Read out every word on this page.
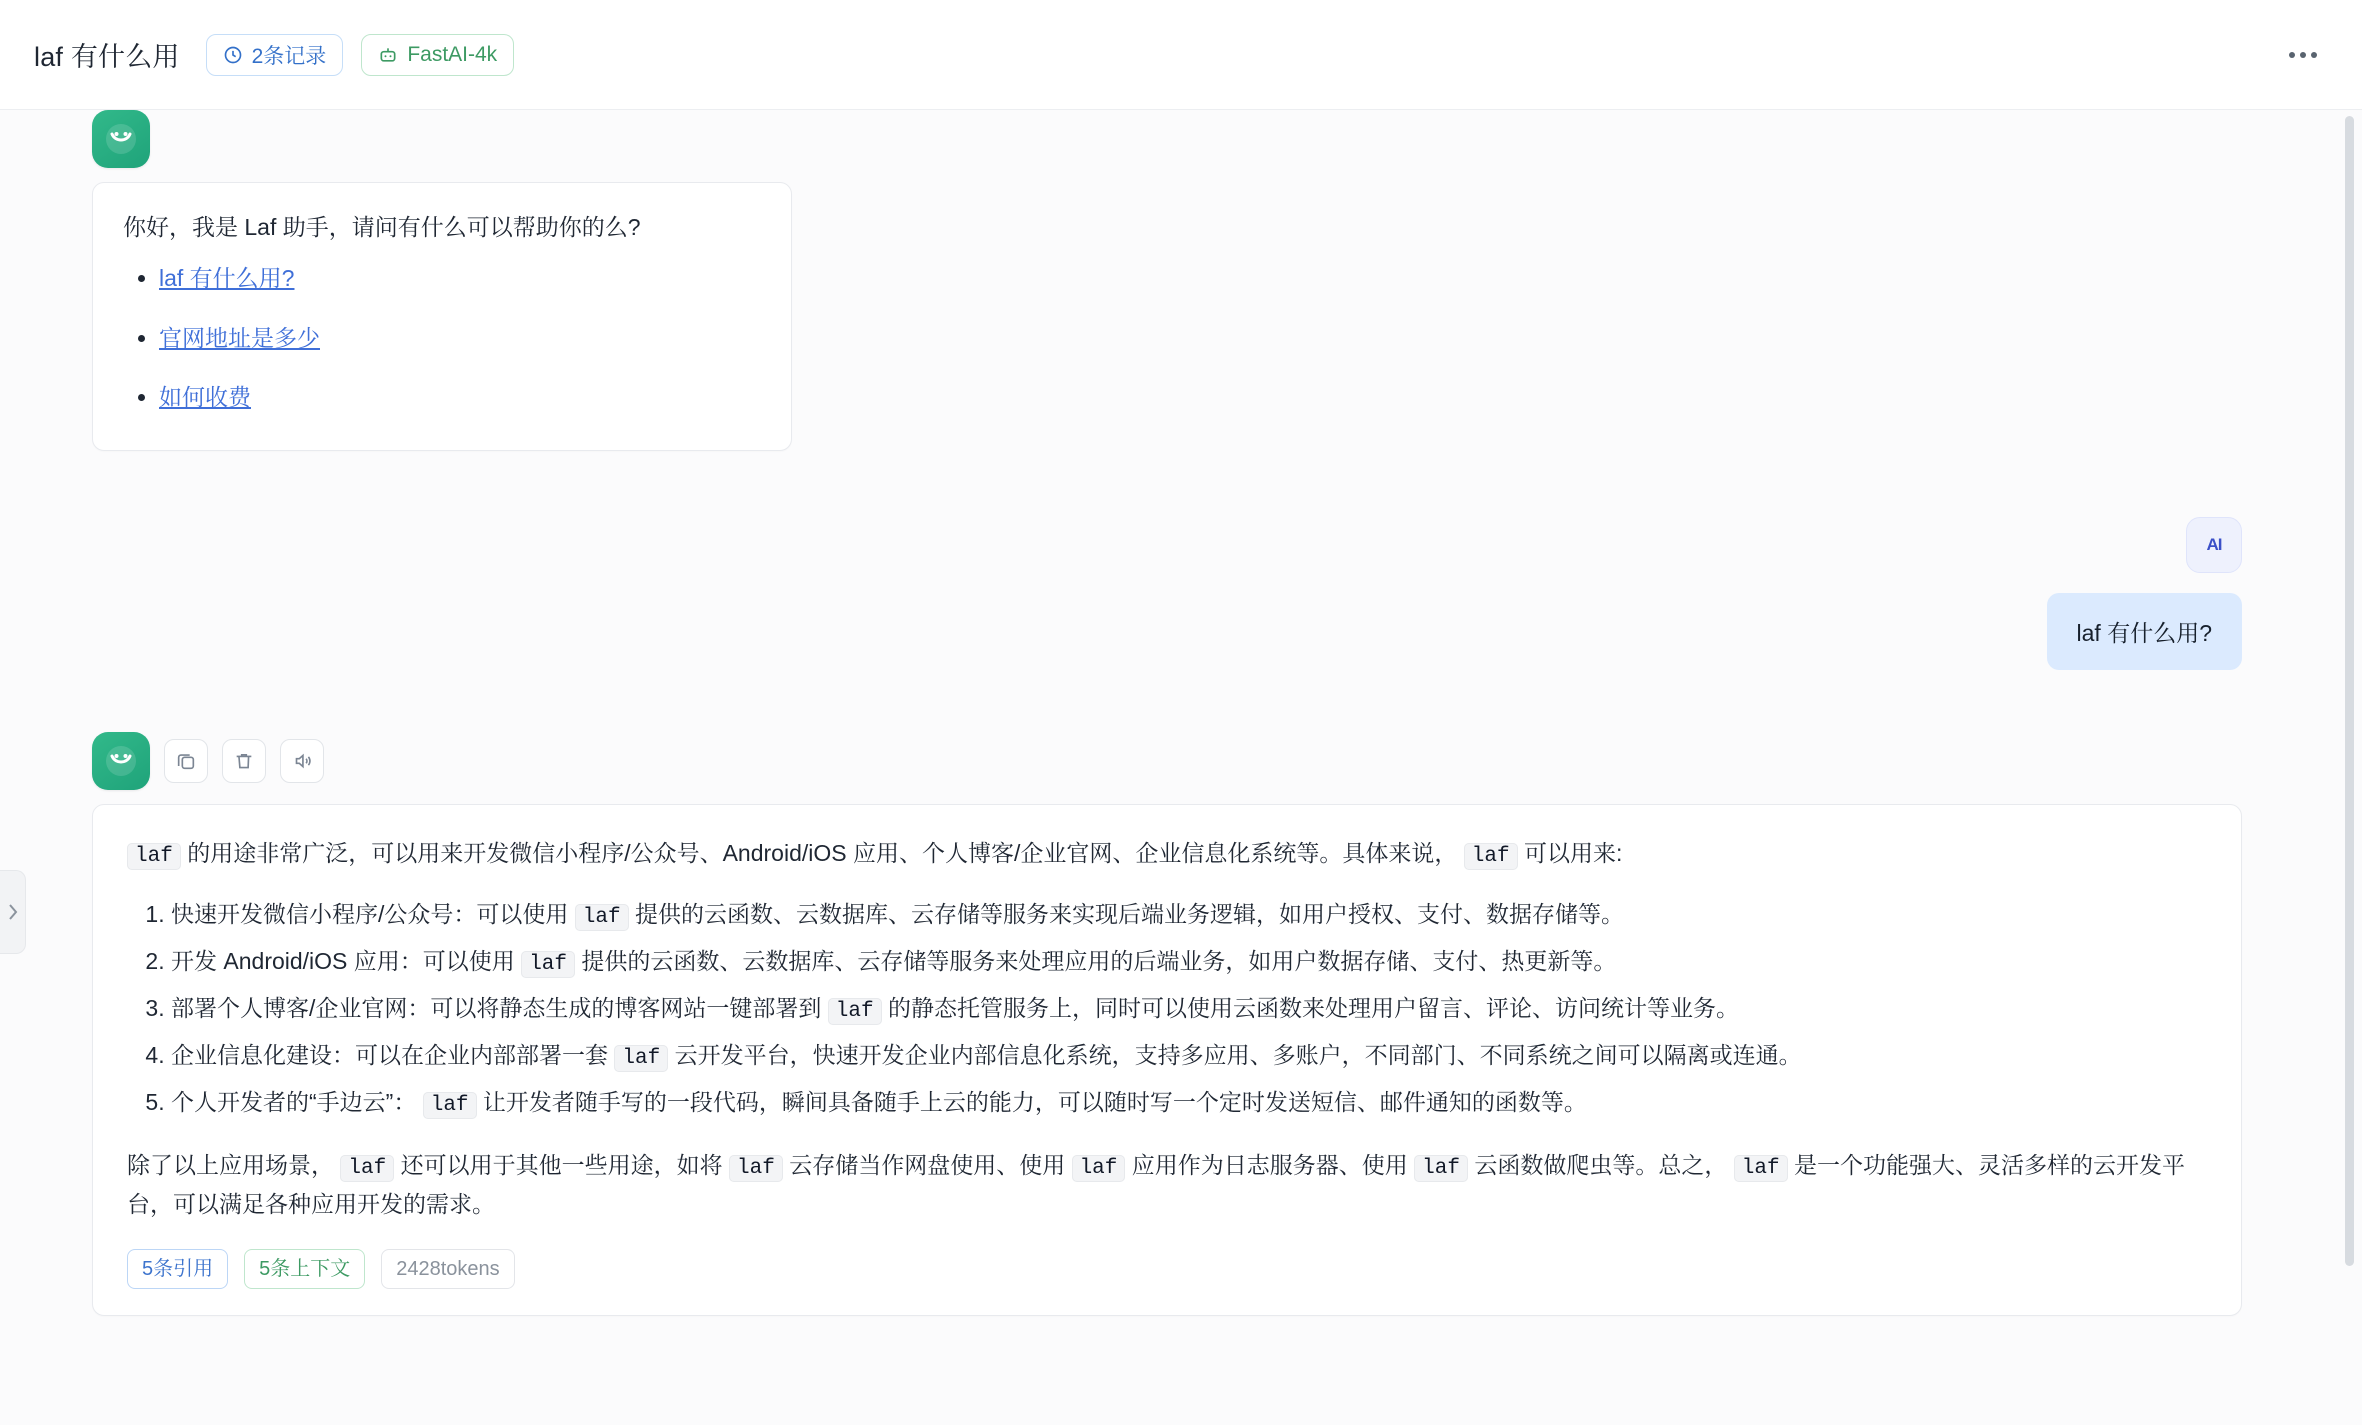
laf 有什么用	2条记录	FastAI-4k

你好，我是 Laf 助手，请问有什么可以帮助你的么?

• laf 有什么用?
• 官网地址是多少
• 如何收费
AI
laf 有什么用?

laf 的用途非常广泛，可以用来开发微信小程序/公众号、Android/iOS 应用、个人博客/企业官网、企业信息化系统等。具体来说， laf 可以用来:

1. 快速开发微信小程序/公众号：可以使用 laf 提供的云函数、云数据库、云存储等服务来实现后端业务逻辑，如用户授权、支付、数据存储等。
2. 开发 Android/iOS 应用：可以使用 laf 提供的云函数、云数据库、云存储等服务来处理应用的后端业务，如用户数据存储、支付、热更新等。
3. 部署个人博客/企业官网：可以将静态生成的博客网站一键部署到 laf 的静态托管服务上，同时可以使用云函数来处理用户留言、评论、访问统计等业务。
4. 企业信息化建设：可以在企业内部部署一套 laf 云开发平台，快速开发企业内部信息化系统，支持多应用、多账户，不同部门、不同系统之间可以隔离或连通。
5. 个人开发者的“手边云”： laf 让开发者随手写的一段代码，瞬间具备随手上云的能力，可以随时写一个定时发送短信、邮件通知的函数等。

除了以上应用场景， laf 还可以用于其他一些用途，如将 laf 云存储当作网盘使用、使用 laf 应用作为日志服务器、使用 laf 云函数做爬虫等。总之， laf 是一个功能强大、灵活多样的云开发平台，可以满足各种应用开发的需求。

5条引用	5条上下文	2428tokens
